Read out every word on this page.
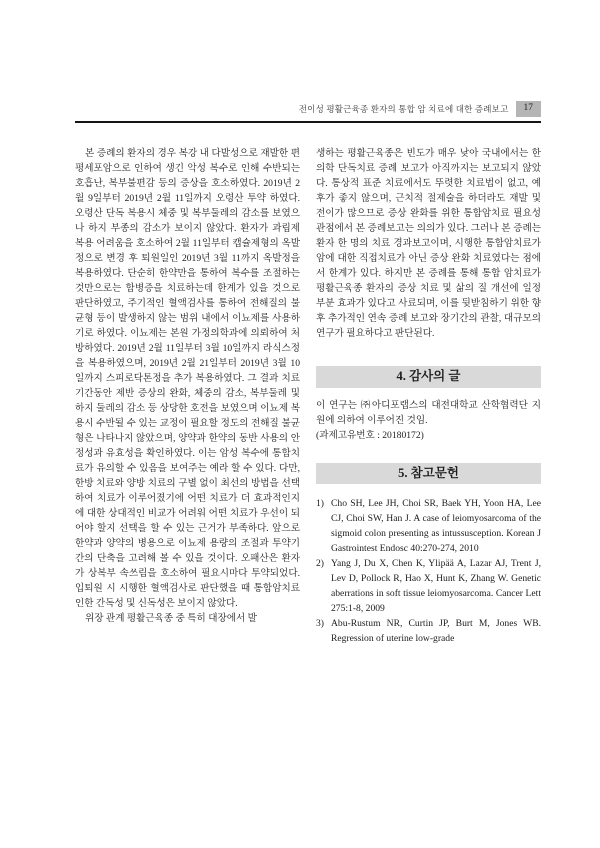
전이성 평활근육종 환자의 통합 암 치료에 대한 증례보고	17

본 증례의 환자의 경우 복강 내 다발성으로 재발한 편평세포암으로 인하여 생긴 악성 복수로 인해 수반되는 호흡난, 복부불편감 등의 증상을 호소하였다. 2019년 2월 9일부터 2019년 2월 11일까지 오령산 투약 하였다. 오령산 단독 복용시 체중 및 복부둘레의 감소를 보였으나 하지 부종의 감소가 보이지 않았다. 환자가 과립제 복용 어려움을 호소하여 2월 11일부터 캡슐제형의 옥발정으로 변경 후 퇴원일인 2019년 3월 11까지 옥발정을 복용하였다. 단순히 한약만을 통하여 복수를 조절하는 것만으로는 합병증을 치료하는데 한계가 있을 것으로 판단하였고, 주기적인 혈액검사를 통하여 전해질의 불균형 등이 발생하지 않는 범위 내에서 이뇨제를 사용하기로 하였다. 이뇨제는 본원 가정의학과에 의뢰하여 처방하였다. 2019년 2월 11일부터 3월 10일까지 라식스정을 복용하였으며, 2019년 2월 21일부터 2019년 3월 10일까지 스피로닥톤정을 추가 복용하였다. 그 결과 치료기간동안 제반 증상의 완화, 체중의 감소, 복부둘레 및 하지 둘레의 감소 등 상당한 호전을 보였으며 이뇨제 복용시 수반될 수 있는 교정이 필요할 정도의 전해질 불균형은 나타나지 않았으며, 양약과 한약의 동반 사용의 안정성과 유효성을 확인하였다. 이는 암성 복수에 통합치료가 유의할 수 있음을 보여주는 예라 할 수 있다. 다만, 한방 치료와 양방 치료의 구별 없이 최선의 방법을 선택하여 치료가 이루어졌기에 어떤 치료가 더 효과적인지에 대한 상대적인 비교가 어려워 어떤 치료가 우선이 되어야 할지 선택을 할 수 있는 근거가 부족하다. 앞으로 한약과 양약의 병용으로 이뇨제 용량의 조절과 투약기간의 단축을 고려해 볼 수 있을 것이다. 오패산은 환자가 상복부 속쓰림을 호소하여 필요시마다 투약되었다. 입퇴원 시 시행한 혈액검사로 판단했을 때 통합암치료 인한 간독성 및 신독성은 보이지 않았다.

위장 관계 평활근육종 중 특히 대장에서 발

생하는 평활근육종은 빈도가 매우 낮아 국내에서는 한의학 단독치료 증례 보고가 아직까지는 보고되지 않았다. 통상적 표준 치료에서도 뚜렷한 치료법이 없고, 예후가 좋지 않으며, 근치적 절제술을 하더라도 재발 및 전이가 많으므로 증상 완화를 위한 통합암치료 필요성 관점에서 본 증례보고는 의의가 있다. 그러나 본 증례는 환자 한 명의 치료 경과보고이며, 시행한 통합암치료가 암에 대한 직접치료가 아닌 증상 완화 치료였다는 점에서 한계가 있다. 하지만 본 증례를 통해 통합 암치료가 평활근육종 환자의 증상 치료 및 삶의 질 개선에 일정 부분 효과가 있다고 사료되며, 이를 뒷받침하기 위한 향후 추가적인 연속 증례 보고와 장기간의 관찰, 대규모의 연구가 필요하다고 판단된다.

4. 감사의 글

이 연구는 ㈜아디포랩스의 대전대학교 산학협력단 지원에 의하여 이루어진 것임.

(과제고유번호 : 20180172)

5. 참고문헌

1) Cho SH, Lee JH, Choi SR, Baek YH, Yoon HA, Lee CJ, Choi SW, Han J. A case of leiomyosarcoma of the sigmoid colon presenting as intussusception. Korean J Gastrointest Endosc 40:270-274, 2010
2) Yang J, Du X, Chen K, Ylipää A, Lazar AJ, Trent J, Lev D, Pollock R, Hao X, Hunt K, Zhang W. Genetic aberrations in soft tissue leiomyosarcoma. Cancer Lett 275:1-8, 2009
3) Abu-Rustum NR, Curtin JP, Burt M, Jones WB. Regression of uterine low-grade
